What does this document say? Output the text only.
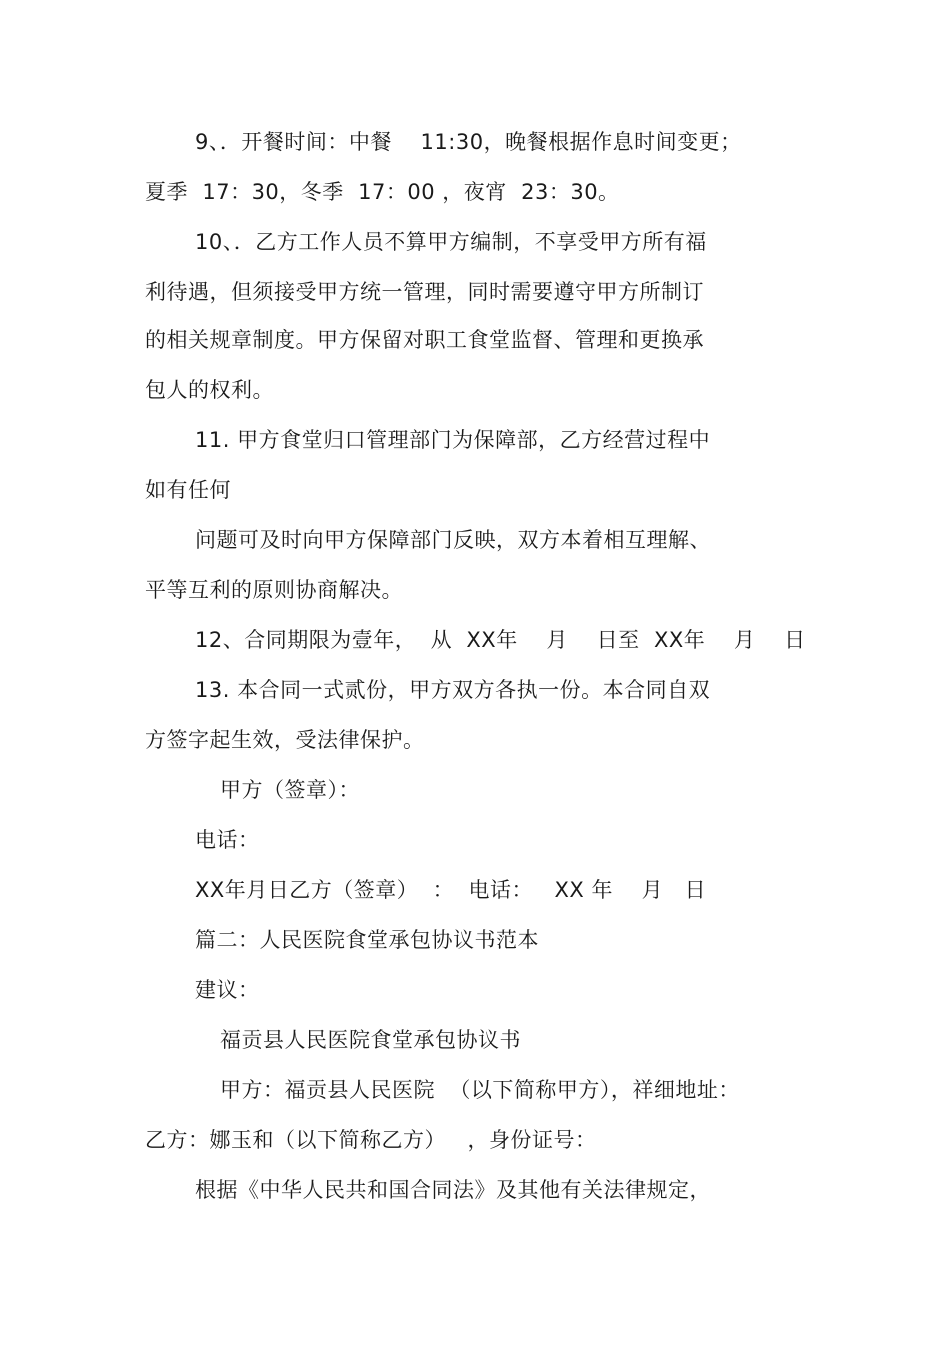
9、．开餐时间：中餐    11:30，晚餐根据作息时间变更；
夏季  17：30，冬季  17：00 ，夜宵  23：30。
10、．乙方工作人员不算甲方编制，不享受甲方所有福
利待遇，但须接受甲方统一管理，同时需要遵守甲方所制订
的相关规章制度。甲方保留对职工食堂监督、管理和更换承
包人的权利。
11. 甲方食堂归口管理部门为保障部，乙方经营过程中
如有任何
问题可及时向甲方保障部门反映，双方本着相互理解、
平等互利的原则协商解决。
12、合同期限为壹年，  从  XX年    月    日至  XX年    月    日
13. 本合同一式贰份，甲方双方各执一份。本合同自双
方签字起生效，受法律保护。
甲方（签章）：
电话：
XX年月日乙方（签章）  ：  电话：   XX 年    月   日
篇二：人民医院食堂承包协议书范本
建议：
福贡县人民医院食堂承包协议书
甲方：福贡县人民医院  （以下简称甲方），祥细地址：
乙方：娜玉和（以下简称乙方）   ，身份证号：
根据《中华人民共和国合同法》及其他有关法律规定，
